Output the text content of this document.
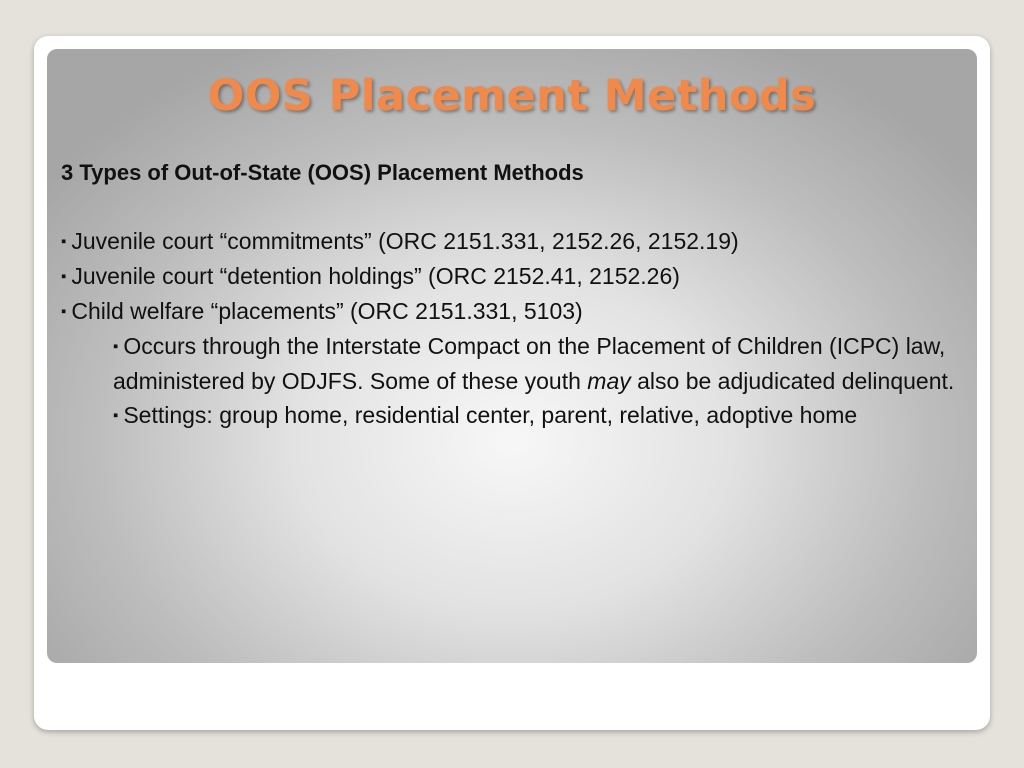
OOS Placement Methods

3 Types of Out-of-State (OOS) Placement Methods

▪ Juvenile court “commitments” (ORC 2151.331, 2152.26, 2152.19)
▪ Juvenile court “detention holdings” (ORC 2152.41, 2152.26)
▪ Child welfare “placements” (ORC 2151.331, 5103)

▪ Occurs through the Interstate Compact on the Placement of Children (ICPC) law, administered by ODJFS. Some of these youth may also be adjudicated delinquent.

▪ Settings: group home, residential center, parent, relative, adoptive home
